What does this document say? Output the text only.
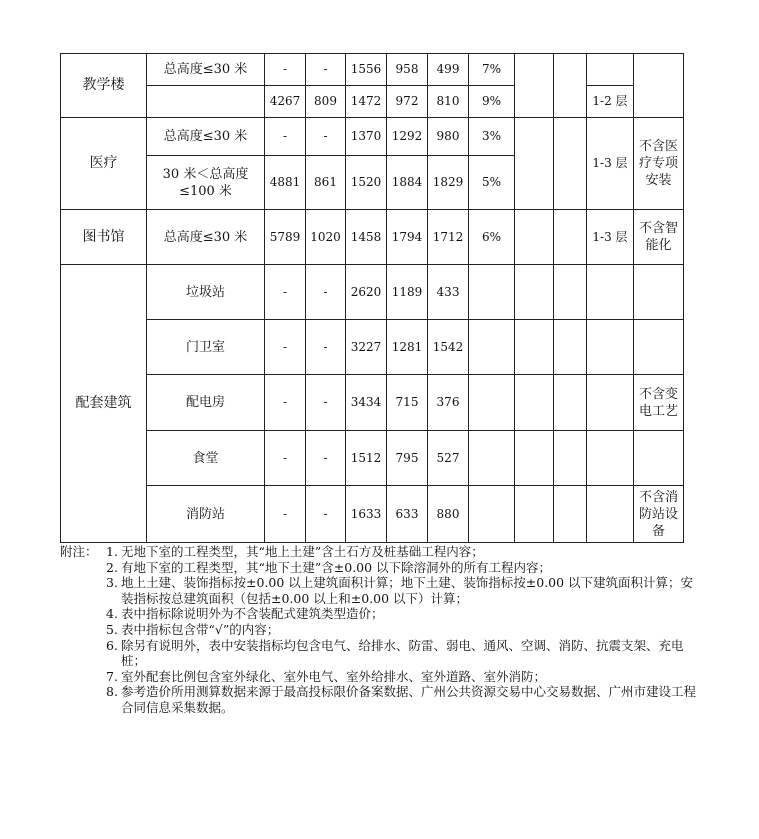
教学楼	总高度≤30 米	-	-	1556	958	499	7%				
		4267	809	1472	972	810	9%			1-2 层	
医疗	总高度≤30 米	-	-	1370	1292	980	3%			1-3 层	不含医疗专项安装
	30 米＜总高度≤100 米	4881	861	1520	1884	1829	5%				
图书馆	总高度≤30 米	5789	1020	1458	1794	1712	6%			1-3 层	不含智能化
配套建筑	垃圾站	-	-	2620	1189	433					
	门卫室	-	-	3227	1281	1542					
	配电房	-	-	3434	715	376					不含变电工艺
	食堂	-	-	1512	795	527					
	消防站	-	-	1633	633	880					不含消防站设备
附注： 1. 无地下室的工程类型，其“地上土建”含土石方及桩基础工程内容；
2. 有地下室的工程类型，其“地下土建”含±0.00 以下除溶洞外的所有工程内容；
3. 地上土建、装饰指标按±0.00 以上建筑面积计算；地下土建、装饰指标按±0.00 以下建筑面积计算；安装指标按总建筑面积（包括±0.00 以上和±0.00 以下）计算；
4. 表中指标除说明外为不含装配式建筑类型造价；
5. 表中指标包含带“√”的内容；
6. 除另有说明外，表中安装指标均包含电气、给排水、防雷、弱电、通风、空调、消防、抗震支架、充电桩；
7. 室外配套比例包含室外绿化、室外电气、室外给排水、室外道路、室外消防；
8. 参考造价所用测算数据来源于最高投标限价备案数据、广州公共资源交易中心交易数据、广州市建设工程合同信息采集数据。
